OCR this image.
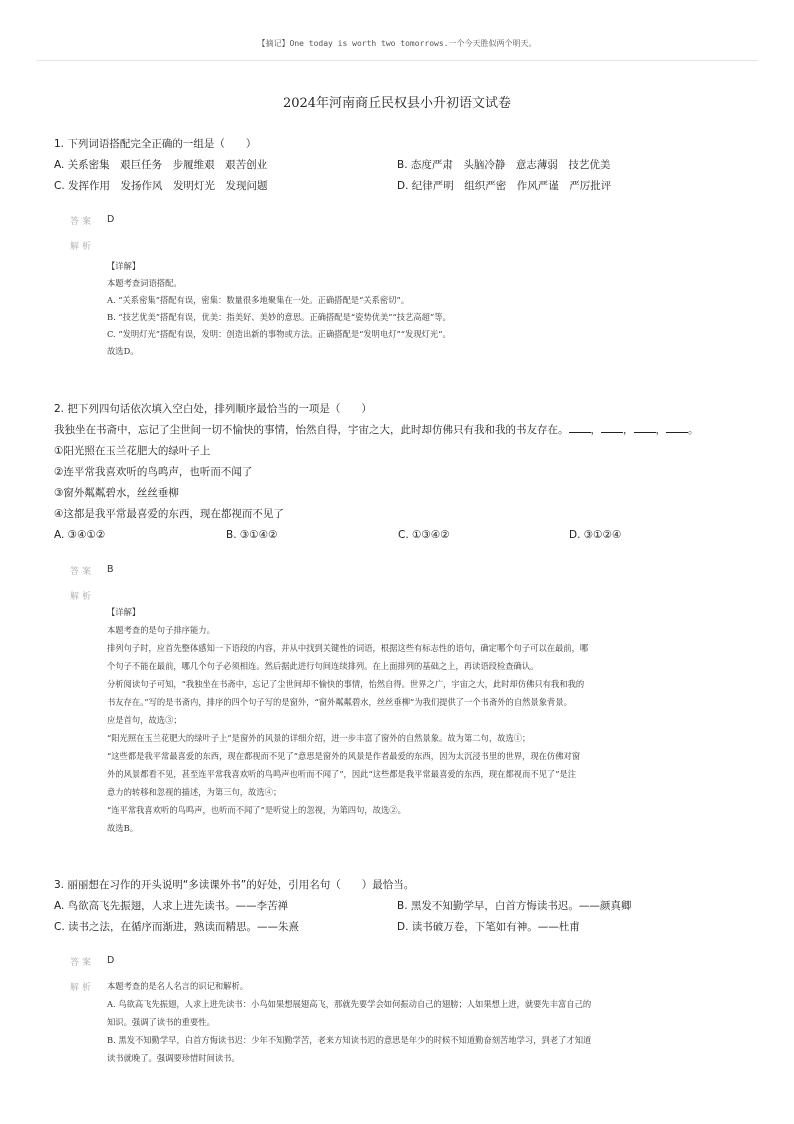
【摘记】One today is worth two tomorrows.一个今天胜似两个明天。
2024年河南商丘民权县小升初语文试卷
1. 下列词语搭配完全正确的一组是（　　）
A. 关系密集　艰巨任务　步履维艰　艰苦创业	B. 态度严肃　头脑冷静　意志薄弱　技艺优美
C. 发挥作用　发扬作风　发明灯光　发现问题	D. 纪律严明　组织严密　作风严谨　严厉批评
答案 D
解析
【详解】
本题考查词语搭配。
A. “关系密集”搭配有误，密集：数量很多地聚集在一处。正确搭配是“关系密切”。
B. “技艺优美”搭配有误，优美：指美好、美妙的意思。正确搭配是“姿势优美”“技艺高超”等。
C. “发明灯光”搭配有误，发明：创造出新的事物或方法。正确搭配是“发明电灯”“发现灯光”。
故选D。
2. 把下列四句话依次填入空白处，排列顺序最恰当的一项是（　　）
我独坐在书斋中，忘记了尘世间一切不愉快的事情，怡然自得，宇宙之大，此时却仿佛只有我和我的书友存在。 ， ， ， 。
①阳光照在玉兰花肥大的绿叶子上
②连平常我喜欢听的鸟鸣声，也听而不闻了
③窗外粼粼碧水，丝丝垂柳
④这都是我平常最喜爱的东西，现在都视而不见了
A. ③④①②	B. ③①④②	C. ①③④②	D. ③①②④
答案 B
解析
【详解】
本题考查的是句子排序能力。
排列句子时，应首先整体感知一下语段的内容，并从中找到关键性的词语，根据这些有标志性的语句，确定哪个句子可以在最前，哪
个句子不能在最前，哪几个句子必须相连。然后据此进行句间连续排列。在上面排列的基础之上，再读语段检查确认。
分析阅读句子可知，“我独坐在书斋中，忘记了尘世间却不愉快的事情，怡然自得。世界之广，宇宙之大，此时却仿佛只有我和我的
书友存在。”写的是书斋内，排序的四个句子写的是窗外，“窗外粼粼碧水，丝丝垂柳”为我们提供了一个书斋外的自然景象背景。
应是首句，故选③；
“阳光照在玉兰花肥大的绿叶子上”是窗外的风景的详细介绍，进一步丰富了窗外的自然景象。故为第二句，故选①；
“这些都是我平常最喜爱的东西，现在都视而不见了”意思是窗外的风景是作者最爱的东西，因为太沉浸书里的世界，现在仿佛对窗
外的风景都看不见，甚至连平常我喜欢听的鸟鸣声也听而不闻了”，因此“这些都是我平常最喜爱的东西，现在都视而不见了”是注
意力的转移和忽视的描述，为第三句，故选④；
“连平常我喜欢听的鸟鸣声，也听而不闻了”是听觉上的忽视，为第四句，故选②。
故选B。
3. 丽丽想在习作的开头说明“多读课外书”的好处，引用名句（　　）最恰当。
A. 鸟欲高飞先振翅，人求上进先读书。——李苦禅	B. 黑发不知勤学早，白首方悔读书迟。——颜真卿
C. 读书之法，在循序而渐进，熟读而精思。——朱熹	D. 读书破万卷，下笔如有神。——杜甫
答案 D
解析 本题考查的是名人名言的识记和解析。
A. 鸟欲高飞先振翅，人求上进先读书：小鸟如果想展翅高飞，那就先要学会如何振动自己的翅膀；人如果想上进，就要先丰富自己的
知识。强调了读书的重要性。
B. 黑发不知勤学早，白首方悔读书迟：少年不知勤学苦，老来方知读书迟的意思是年少的时候不知道勤奋刻苦地学习，到老了才知道
读书就晚了。强调要珍惜时间读书。
